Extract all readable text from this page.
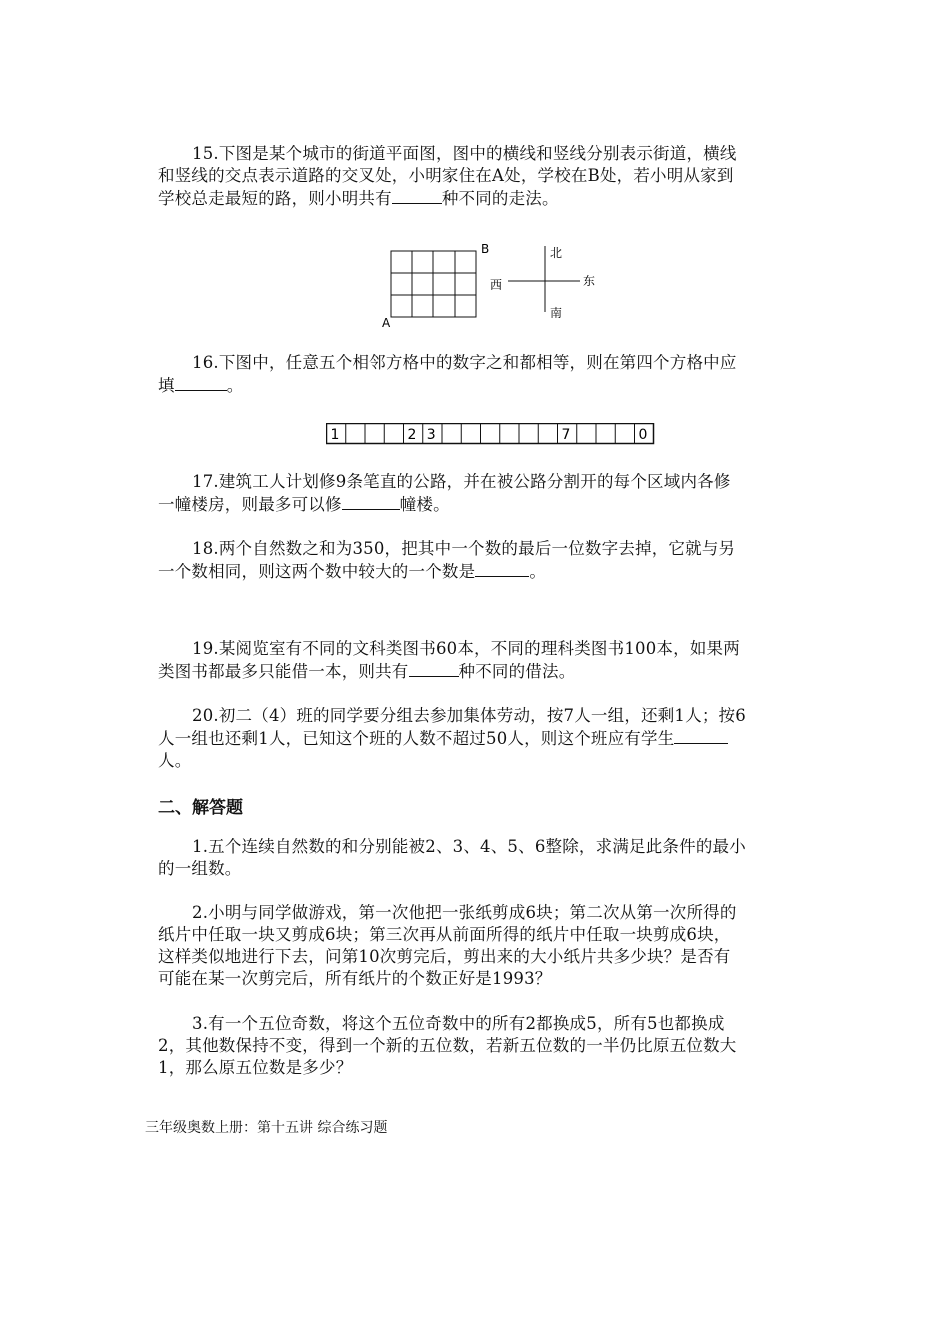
15.下图是某个城市的街道平面图，图中的横线和竖线分别表示街道，横线

和竖线的交点表示道路的交叉处，小明家住在A处，学校在B处，若小明从家到

学校总走最短的路，则小明共有	种不同的走法。

A
B	北
南
东
西

16.下图中，任意五个相邻方格中的数字之和都相等，则在第四个方格中应

填	。

1	2 3	7	0

17.建筑工人计划修9条笔直的公路，并在被公路分割开的每个区域内各修

一幢楼房，则最多可以修	幢楼。

18.两个自然数之和为350，把其中一个数的最后一位数字去掉，它就与另

一个数相同，则这两个数中较大的一个数是	。

19.某阅览室有不同的文科类图书60本，不同的理科类图书100本，如果两

类图书都最多只能借一本，则共有	种不同的借法。

20.初二（4）班的同学要分组去参加集体劳动，按7人一组，还剩1人；按6

人一组也还剩1人，已知这个班的人数不超过50人，则这个班应有学生

人。

二、解答题

1.五个连续自然数的和分别能被2、3、4、5、6整除，求满足此条件的最小

的一组数。

2.小明与同学做游戏，第一次他把一张纸剪成6块；第二次从第一次所得的

纸片中任取一块又剪成6块；第三次再从前面所得的纸片中任取一块剪成6块，

这样类似地进行下去，问第10次剪完后，剪出来的大小纸片共多少块？是否有

可能在某一次剪完后，所有纸片的个数正好是1993？

3.有一个五位奇数，将这个五位奇数中的所有2都换成5，所有5也都换成

2，其他数保持不变，得到一个新的五位数，若新五位数的一半仍比原五位数大

1，那么原五位数是多少？

三年级奥数上册：第十五讲 综合练习题
